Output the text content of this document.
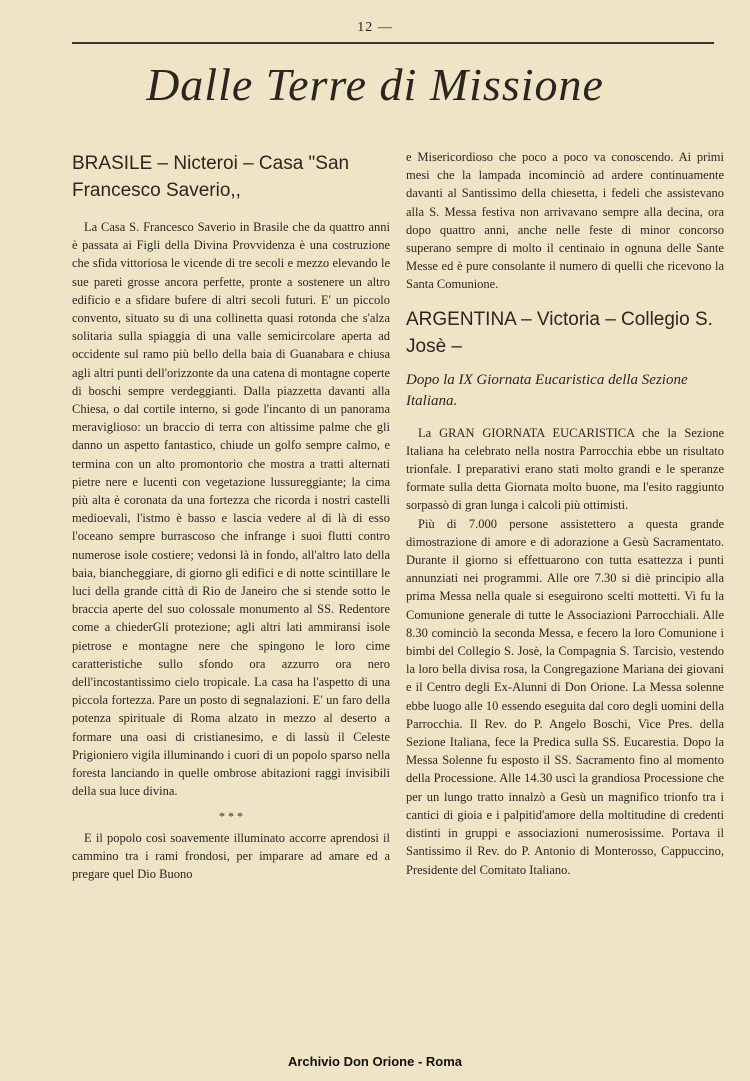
12 —
Dalle Terre di Missione
BRASILE – Nicteroi – Casa "San Francesco Saverio,,

La Casa S. Francesco Saverio in Brasile che da quattro anni è passata ai Figli della Divina Provvidenza è una costruzione che sfida vittoriosa le vicende di tre secoli e mezzo elevando le sue pareti grosse ancora perfette, pronte a sostenere un altro edificio e a sfidare bufere di altri secoli futuri. E' un piccolo convento, situato su di una collinetta quasi rotonda che s'alza solitaria sulla spiaggia di una valle semicircolare aperta ad occidente sul ramo più bello della baia di Guanabara e chiusa agli altri punti dell'orizzonte da una catena di montagne coperte di boschi sempre verdeggianti. Dalla piazzetta davanti alla Chiesa, o dal cortile interno, si gode l'incanto di un panorama meraviglioso: un braccio di terra con altissime palme che gli danno un aspetto fantastico, chiude un golfo sempre calmo, e termina con un alto promontorio che mostra a tratti alternati pietre nere e lucenti con vegetazione lussureggiante; la cima più alta è coronata da una fortezza che ricorda i nostri castelli medioevali, l'istmo è basso e lascia vedere al di là di esso l'oceano sempre burrascoso che infrange i suoi flutti contro numerose isole costiere; vedonsi là in fondo, all'altro lato della baia, biancheggiare, di giorno gli edifici e di notte scintillare le luci della grande città di Rio de Janeiro che si stende sotto le braccia aperte del suo colossale monumento al SS. Redentore come a chiederGli protezione; agli altri lati ammiransi isole pietrose e montagne nere che spingono le loro cime caratteristiche sullo sfondo ora azzurro ora nero dell'incostantissimo cielo tropicale. La casa ha l'aspetto di una piccola fortezza. Pare un posto di segnalazioni. E' un faro della potenza spirituale di Roma alzato in mezzo al deserto a formare una oasi di cristianesimo, e di lassù il Celeste Prigioniero vigila illuminando i cuori di un popolo sparso nella foresta lanciando in quelle ombrose abitazioni raggi invisibili della sua luce divina.

* * *

E il popolo così soavemente illuminato accorre aprendosi il cammino tra i rami frondosi, per imparare ad amare ed a pregare quel Dio Buono

e Misericordioso che poco a poco va conoscendo. Ai primi mesi che la lampada incominciò ad ardere continuamente davanti al Santissimo della chiesetta, i fedeli che assistevano alla S. Messa festiva non arrivavano sempre alla decina, ora dopo quattro anni, anche nelle feste di minor concorso superano sempre di molto il centinaio in ognuna delle Sante Messe ed è pure consolante il numero di quelli che ricevono la Santa Comunione.

ARGENTINA – Victoria – Collegio S. Josè –
Dopo la IX Giornata Eucaristica della Sezione Italiana.

La GRAN GIORNATA EUCARISTICA che la Sezione Italiana ha celebrato nella nostra Parrocchia ebbe un risultato trionfale. I preparativi erano stati molto grandi e le speranze formate sulla detta Giornata molto buone, ma l'esito raggiunto sorpassò di gran lunga i calcoli più ottimisti.

Più di 7.000 persone assistettero a questa grande dimostrazione di amore e di adorazione a Gesù Sacramentato. Durante il giorno si effettuarono con tutta esattezza i punti annunziati nei programmi. Alle ore 7.30 si diè principio alla prima Messa nella quale si eseguirono scelti mottetti. Vi fu la Comunione generale di tutte le Associazioni Parrocchiali. Alle 8.30 cominciò la seconda Messa, e fecero la loro Comunione i bimbi del Collegio S. Josè, la Compagnia S. Tarcisio, vestendo la loro bella divisa rosa, la Congregazione Mariana dei giovani e il Centro degli Ex-Alunni di Don Orione. La Messa solenne ebbe luogo alle 10 essendo eseguita dal coro degli uomini della Parrocchia. Il Rev. do P. Angelo Boschi, Vice Pres. della Sezione Italiana, fece la Predica sulla SS. Eucarestia. Dopo la Messa Solenne fu esposto il SS. Sacramento fino al momento della Processione. Alle 14.30 uscì la grandiosa Processione che per un lungo tratto innalzò a Gesù un magnifico trionfo tra i cantici di gioia e i palpitid'amore della moltitudine di credenti distinti in gruppi e associazioni numerosissime. Portava il Santissimo il Rev. do P. Antonio di Monterosso, Cappuccino, Presidente del Comitato Italiano.

Archivio Don Orione - Roma
